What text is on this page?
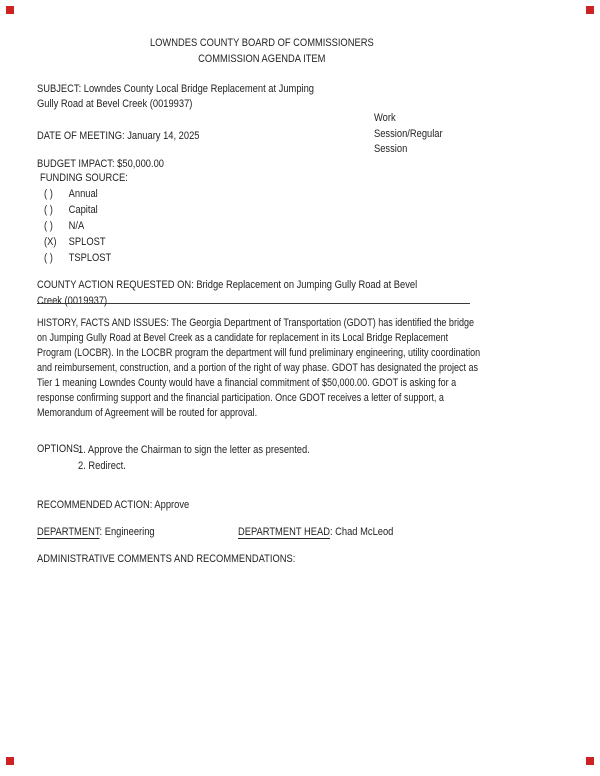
LOWNDES COUNTY BOARD OF COMMISSIONERS
COMMISSION AGENDA ITEM
SUBJECT: Lowndes County Local Bridge Replacement at Jumping Gully Road at Bevel Creek (0019937)
Work
Session/Regular
Session
DATE OF MEETING: January 14, 2025
BUDGET IMPACT: $50,000.00
FUNDING SOURCE:
( ) Annual
( ) Capital
( ) N/A
(X) SPLOST
( ) TSPLOST
COUNTY ACTION REQUESTED ON: Bridge Replacement on Jumping Gully Road at Bevel Creek (0019937)
HISTORY, FACTS AND ISSUES: The Georgia Department of Transportation (GDOT) has identified the bridge on Jumping Gully Road at Bevel Creek as a candidate for replacement in its Local Bridge Replacement Program (LOCBR). In the LOCBR program the department will fund preliminary engineering, utility coordination and reimbursement, construction, and a portion of the right of way phase. GDOT has designated the project as Tier 1 meaning Lowndes County would have a financial commitment of $50,000.00. GDOT is asking for a response confirming support and the financial participation. Once GDOT receives a letter of support, a Memorandum of Agreement will be routed for approval.
OPTIONS:
1. Approve the Chairman to sign the letter as presented.
2. Redirect.
RECOMMENDED ACTION: Approve
DEPARTMENT: Engineering	DEPARTMENT HEAD: Chad McLeod
ADMINISTRATIVE COMMENTS AND RECOMMENDATIONS:
